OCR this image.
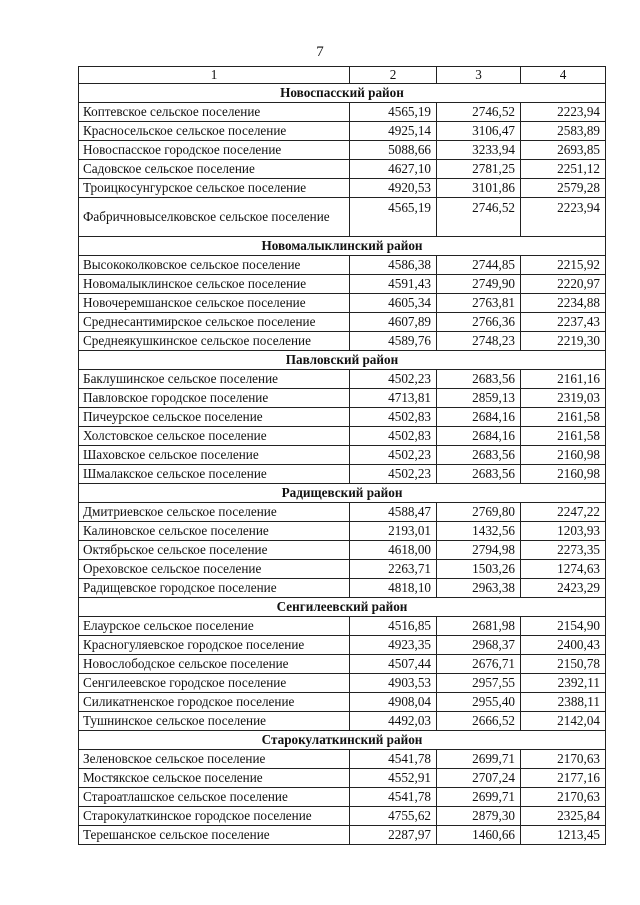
7
1	2	3	4
Новоспасский район			
Коптевское сельское поселение	4565,19	2746,52	2223,94
Красносельское сельское поселение	4925,14	3106,47	2583,89
Новоспасское городское поселение	5088,66	3233,94	2693,85
Садовское сельское поселение	4627,10	2781,25	2251,12
Троицкосунгурское сельское поселение	4920,53	3101,86	2579,28
Фабричновыселковское сельское поселение	4565,19	2746,52	2223,94
Новомалыклинский район			
Высококолковское сельское поселение	4586,38	2744,85	2215,92
Новомалыклинское сельское поселение	4591,43	2749,90	2220,97
Новочеремшанское сельское поселение	4605,34	2763,81	2234,88
Среднесантимирское сельское поселение	4607,89	2766,36	2237,43
Среднеякушкинское сельское поселение	4589,76	2748,23	2219,30
Павловский район			
Баклушинское сельское поселение	4502,23	2683,56	2161,16
Павловское городское поселение	4713,81	2859,13	2319,03
Пичеурское сельское поселение	4502,83	2684,16	2161,58
Холстовское сельское поселение	4502,83	2684,16	2161,58
Шаховское сельское поселение	4502,23	2683,56	2160,98
Шмалакское сельское поселение	4502,23	2683,56	2160,98
Радищевский район			
Дмитриевское сельское поселение	4588,47	2769,80	2247,22
Калиновское сельское поселение	2193,01	1432,56	1203,93
Октябрьское сельское поселение	4618,00	2794,98	2273,35
Ореховское сельское поселение	2263,71	1503,26	1274,63
Радищевское городское поселение	4818,10	2963,38	2423,29
Сенгилеевский район			
Елаурское сельское поселение	4516,85	2681,98	2154,90
Красногуляевское городское поселение	4923,35	2968,37	2400,43
Новослободское сельское поселение	4507,44	2676,71	2150,78
Сенгилеевское городское поселение	4903,53	2957,55	2392,11
Силикатненское городское поселение	4908,04	2955,40	2388,11
Тушнинское сельское поселение	4492,03	2666,52	2142,04
Старокулаткинский район			
Зеленовское сельское поселение	4541,78	2699,71	2170,63
Мостякское сельское поселение	4552,91	2707,24	2177,16
Староатлашское сельское поселение	4541,78	2699,71	2170,63
Старокулаткинское городское поселение	4755,62	2879,30	2325,84
Терешанское сельское поселение	2287,97	1460,66	1213,45
